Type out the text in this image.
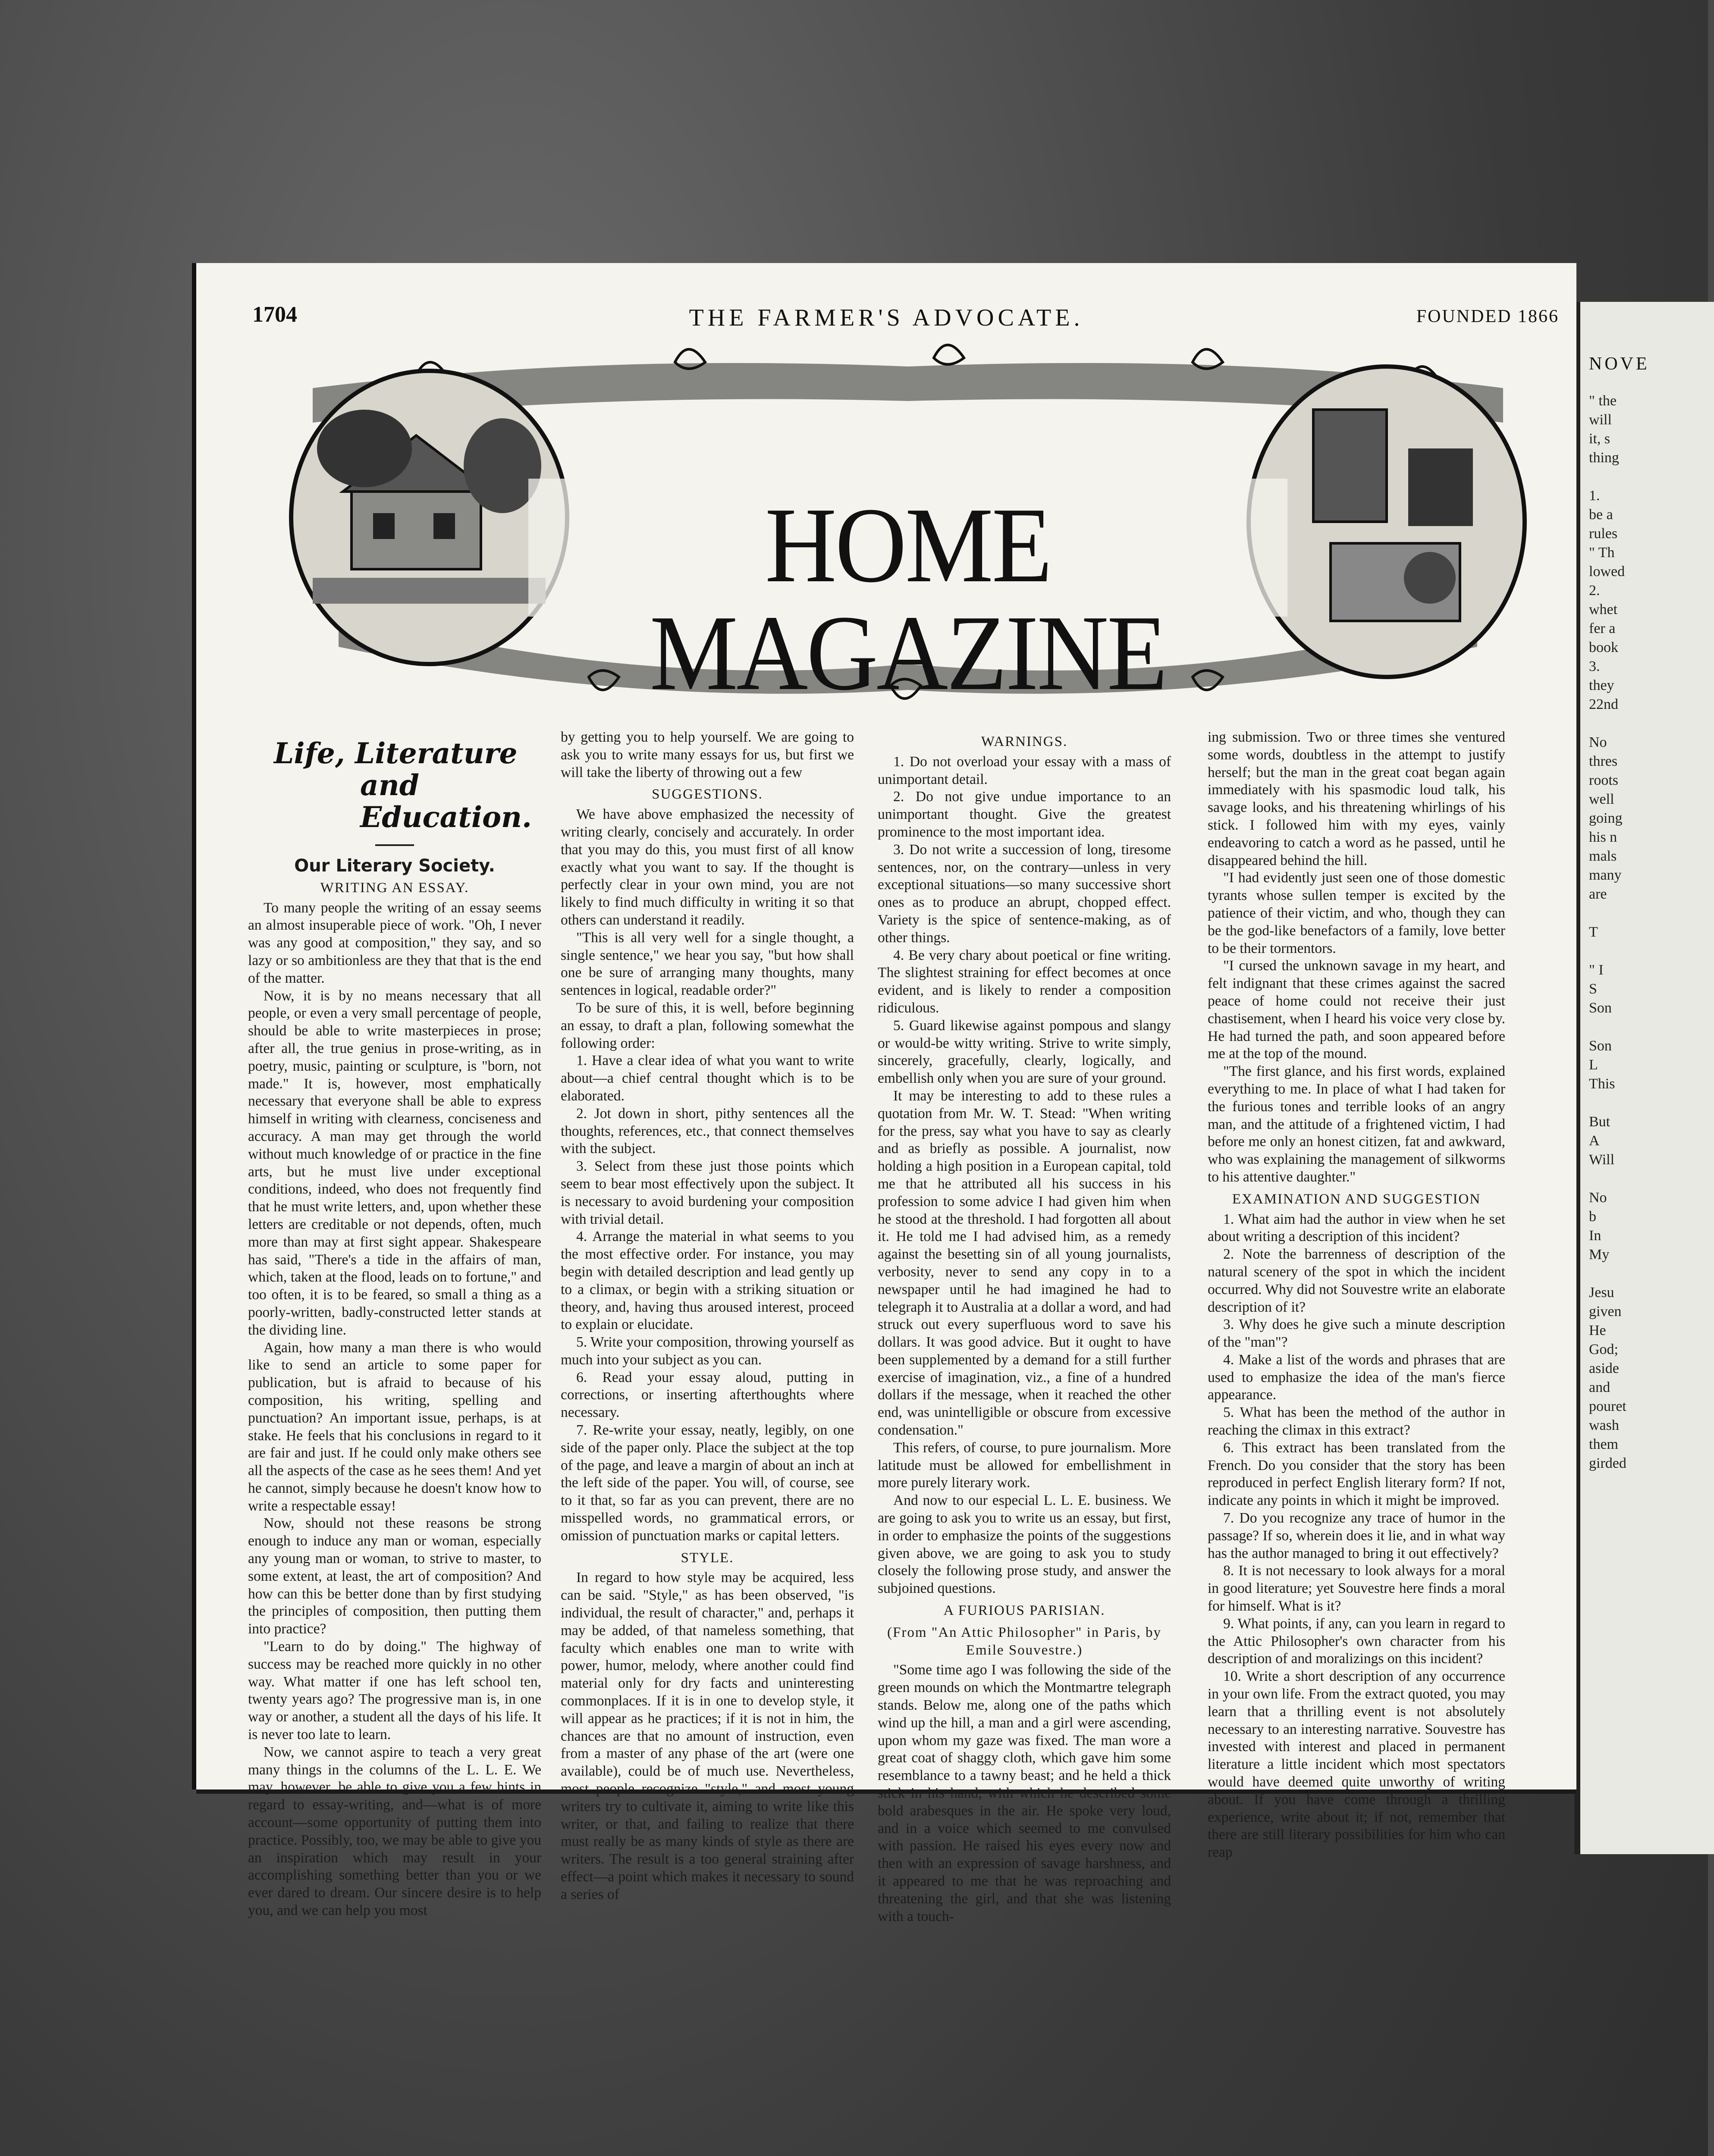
NOVE
" the
will
it, s
thing

1.
be a
rules
" Th
lowed
2.
whet
fer a
book
3.
they
22nd

No
thres
roots
well
going
his n
mals
many
are

T

" I
S
Son

Son
L
This

But
A
Will

No
b
In
My

Jesu
given
He
God;
aside
and
pouret
wash
them
girded
1704	THE FARMER'S ADVOCATE.	FOUNDED 1866
HOME MAGAZINE
Life, Literature
and Education.
Our Literary Society.
WRITING AN ESSAY.

To many people the writing of an essay seems an almost insuperable piece of work. "Oh, I never was any good at composition," they say, and so lazy or so ambitionless are they that that is the end of the matter.

Now, it is by no means necessary that all people, or even a very small percentage of people, should be able to write masterpieces in prose; after all, the true genius in prose-writing, as in poetry, music, painting or sculpture, is "born, not made." It is, however, most emphatically necessary that everyone shall be able to express himself in writing with clearness, conciseness and accuracy. A man may get through the world without much knowledge of or practice in the fine arts, but he must live under exceptional conditions, indeed, who does not frequently find that he must write letters, and, upon whether these letters are creditable or not depends, often, much more than may at first sight appear. Shakespeare has said, "There's a tide in the affairs of man, which, taken at the flood, leads on to fortune," and too often, it is to be feared, so small a thing as a poorly-written, badly-constructed letter stands at the dividing line.

Again, how many a man there is who would like to send an article to some paper for publication, but is afraid to because of his composition, his writing, spelling and punctuation? An important issue, perhaps, is at stake. He feels that his conclusions in regard to it are fair and just. If he could only make others see all the aspects of the case as he sees them! And yet he cannot, simply because he doesn't know how to write a respectable essay!

Now, should not these reasons be strong enough to induce any man or woman, especially any young man or woman, to strive to master, to some extent, at least, the art of composition? And how can this be better done than by first studying the principles of composition, then putting them into practice?

"Learn to do by doing." The highway of success may be reached more quickly in no other way. What matter if one has left school ten, twenty years ago? The progressive man is, in one way or another, a student all the days of his life. It is never too late to learn.

Now, we cannot aspire to teach a very great many things in the columns of the L. L. E. We may, however, be able to give you a few hints in regard to essay-writing, and—what is of more account—some opportunity of putting them into practice. Possibly, too, we may be able to give you an inspiration which may result in your accomplishing something better than you or we ever dared to dream. Our sincere desire is to help you, and we can help you most

by getting you to help yourself. We are going to ask you to write many essays for us, but first we will take the liberty of throwing out a few

SUGGESTIONS.

We have above emphasized the necessity of writing clearly, concisely and accurately. In order that you may do this, you must first of all know exactly what you want to say. If the thought is perfectly clear in your own mind, you are not likely to find much difficulty in writing it so that others can understand it readily.

"This is all very well for a single thought, a single sentence," we hear you say, "but how shall one be sure of arranging many thoughts, many sentences in logical, readable order?"

To be sure of this, it is well, before beginning an essay, to draft a plan, following somewhat the following order:

1. Have a clear idea of what you want to write about—a chief central thought which is to be elaborated.

2. Jot down in short, pithy sentences all the thoughts, references, etc., that connect themselves with the subject.

3. Select from these just those points which seem to bear most effectively upon the subject. It is necessary to avoid burdening your composition with trivial detail.

4. Arrange the material in what seems to you the most effective order. For instance, you may begin with detailed description and lead gently up to a climax, or begin with a striking situation or theory, and, having thus aroused interest, proceed to explain or elucidate.

5. Write your composition, throwing yourself as much into your subject as you can.

6. Read your essay aloud, putting in corrections, or inserting afterthoughts where necessary.

7. Re-write your essay, neatly, legibly, on one side of the paper only. Place the subject at the top of the page, and leave a margin of about an inch at the left side of the paper. You will, of course, see to it that, so far as you can prevent, there are no misspelled words, no grammatical errors, or omission of punctuation marks or capital letters.

STYLE.

In regard to how style may be acquired, less can be said. "Style," as has been observed, "is individual, the result of character," and, perhaps it may be added, of that nameless something, that faculty which enables one man to write with power, humor, melody, where another could find material only for dry facts and uninteresting commonplaces. If it is in one to develop style, it will appear as he practices; if it is not in him, the chances are that no amount of instruction, even from a master of any phase of the art (were one available), could be of much use. Nevertheless, most people recognize "style," and most young writers try to cultivate it, aiming to write like this writer, or that, and failing to realize that there must really be as many kinds of style as there are writers. The result is a too general straining after effect—a point which makes it necessary to sound a series of

WARNINGS.

1. Do not overload your essay with a mass of unimportant detail.

2. Do not give undue importance to an unimportant thought. Give the greatest prominence to the most important idea.

3. Do not write a succession of long, tiresome sentences, nor, on the contrary—unless in very exceptional situations—so many successive short ones as to produce an abrupt, chopped effect. Variety is the spice of sentence-making, as of other things.

4. Be very chary about poetical or fine writing. The slightest straining for effect becomes at once evident, and is likely to render a composition ridiculous.

5. Guard likewise against pompous and slangy or would-be witty writing. Strive to write simply, sincerely, gracefully, clearly, logically, and embellish only when you are sure of your ground.

It may be interesting to add to these rules a quotation from Mr. W. T. Stead: "When writing for the press, say what you have to say as clearly and as briefly as possible. A journalist, now holding a high position in a European capital, told me that he attributed all his success in his profession to some advice I had given him when he stood at the threshold. I had forgotten all about it. He told me I had advised him, as a remedy against the besetting sin of all young journalists, verbosity, never to send any copy in to a newspaper until he had imagined he had to telegraph it to Australia at a dollar a word, and had struck out every superfluous word to save his dollars. It was good advice. But it ought to have been supplemented by a demand for a still further exercise of imagination, viz., a fine of a hundred dollars if the message, when it reached the other end, was unintelligible or obscure from excessive condensation."

This refers, of course, to pure journalism. More latitude must be allowed for embellishment in more purely literary work.

And now to our especial L. L. E. business. We are going to ask you to write us an essay, but first, in order to emphasize the points of the suggestions given above, we are going to ask you to study closely the following prose study, and answer the subjoined questions.

A FURIOUS PARISIAN.
(From "An Attic Philosopher" in Paris, by Emile Souvestre.)

"Some time ago I was following the side of the green mounds on which the Montmartre telegraph stands. Below me, along one of the paths which wind up the hill, a man and a girl were ascending, upon whom my gaze was fixed. The man wore a great coat of shaggy cloth, which gave him some resemblance to a tawny beast; and he held a thick stick in his hand, with which he described some bold arabesques in the air. He spoke very loud, and in a voice which seemed to me convulsed with passion. He raised his eyes every now and then with an expression of savage harshness, and it appeared to me that he was reproaching and threatening the girl, and that she was listening with a touch-

ing submission. Two or three times she ventured some words, doubtless in the attempt to justify herself; but the man in the great coat began again immediately with his spasmodic loud talk, his savage looks, and his threatening whirlings of his stick. I followed him with my eyes, vainly endeavoring to catch a word as he passed, until he disappeared behind the hill.

"I had evidently just seen one of those domestic tyrants whose sullen temper is excited by the patience of their victim, and who, though they can be the god-like benefactors of a family, love better to be their tormentors.

"I cursed the unknown savage in my heart, and felt indignant that these crimes against the sacred peace of home could not receive their just chastisement, when I heard his voice very close by. He had turned the path, and soon appeared before me at the top of the mound.

"The first glance, and his first words, explained everything to me. In place of what I had taken for the furious tones and terrible looks of an angry man, and the attitude of a frightened victim, I had before me only an honest citizen, fat and awkward, who was explaining the management of silkworms to his attentive daughter."

EXAMINATION AND SUGGESTION

1. What aim had the author in view when he set about writing a description of this incident?

2. Note the barrenness of description of the natural scenery of the spot in which the incident occurred. Why did not Souvestre write an elaborate description of it?

3. Why does he give such a minute description of the "man"?

4. Make a list of the words and phrases that are used to emphasize the idea of the man's fierce appearance.

5. What has been the method of the author in reaching the climax in this extract?

6. This extract has been translated from the French. Do you consider that the story has been reproduced in perfect English literary form? If not, indicate any points in which it might be improved.

7. Do you recognize any trace of humor in the passage? If so, wherein does it lie, and in what way has the author managed to bring it out effectively?

8. It is not necessary to look always for a moral in good literature; yet Souvestre here finds a moral for himself. What is it?

9. What points, if any, can you learn in regard to the Attic Philosopher's own character from his description of and moralizings on this incident?

10. Write a short description of any occurrence in your own life. From the extract quoted, you may learn that a thrilling event is not absolutely necessary to an interesting narrative. Souvestre has invested with interest and placed in permanent literature a little incident which most spectators would have deemed quite unworthy of writing about. If you have come through a thrilling experience, write about it; if not, remember that there are still literary possibilities for him who can reap
